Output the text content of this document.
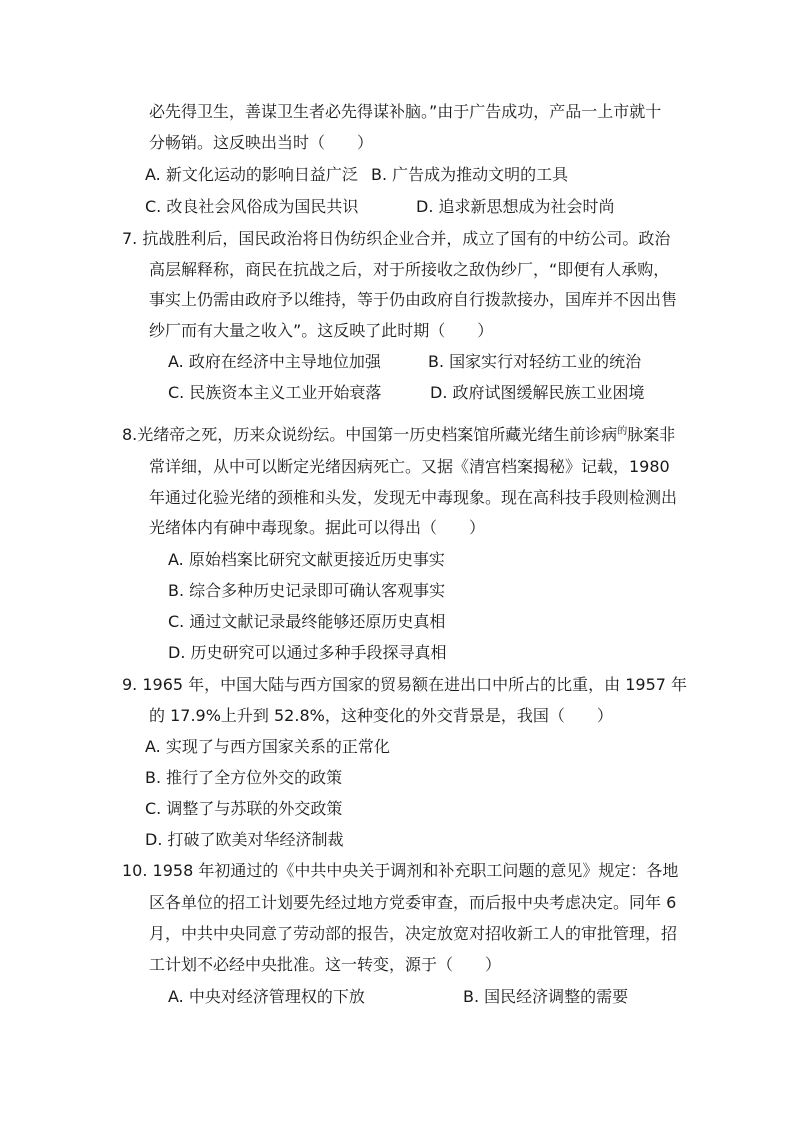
必先得卫生，善谋卫生者必先得谋补脑。”由于广告成功，产品一上市就十
分畅销。这反映出当时（　　）
A. 新文化运动的影响日益广泛 B. 广告成为推动文明的工具
C. 改良社会风俗成为国民共识	D. 追求新思想成为社会时尚
7. 抗战胜利后，国民政治将日伪纺织企业合并，成立了国有的中纺公司。政治
高层解释称，商民在抗战之后，对于所接收之敌伪纱厂，“即便有人承购，
事实上仍需由政府予以维持，等于仍由政府自行拨款接办，国库并不因出售
纱厂而有大量之收入”。这反映了此时期（　　）
A. 政府在经济中主导地位加强	B. 国家实行对轻纺工业的统治
C. 民族资本主义工业开始衰落	D. 政府试图缓解民族工业困境
8.光绪帝之死，历来众说纷纭。中国第一历史档案馆所藏光绪生前诊病$^的$脉案非
常详细，从中可以断定光绪因病死亡。又据《清宫档案揭秘》记载，1980
年通过化验光绪的颈椎和头发，发现无中毒现象。现在高科技手段则检测出
光绪体内有砷中毒现象。据此可以得出（　　）
A. 原始档案比研究文献更接近历史事实
B. 综合多种历史记录即可确认客观事实
C. 通过文献记录最终能够还原历史真相
D. 历史研究可以通过多种手段探寻真相
9. 1965 年，中国大陆与西方国家的贸易额在进出口中所占的比重，由 1957 年
的 17.9%上升到 52.8%，这种变化的外交背景是，我国（　　）
A. 实现了与西方国家关系的正常化
B. 推行了全方位外交的政策
C. 调整了与苏联的外交政策
D. 打破了欧美对华经济制裁
10. 1958 年初通过的《中共中央关于调剂和补充职工问题的意见》规定：各地
区各单位的招工计划要先经过地方党委审查，而后报中央考虑决定。同年 6
月，中共中央同意了劳动部的报告，决定放宽对招收新工人的审批管理，招
工计划不必经中央批准。这一转变，源于（　　）
A. 中央对经济管理权的下放	B. 国民经济调整的需要
